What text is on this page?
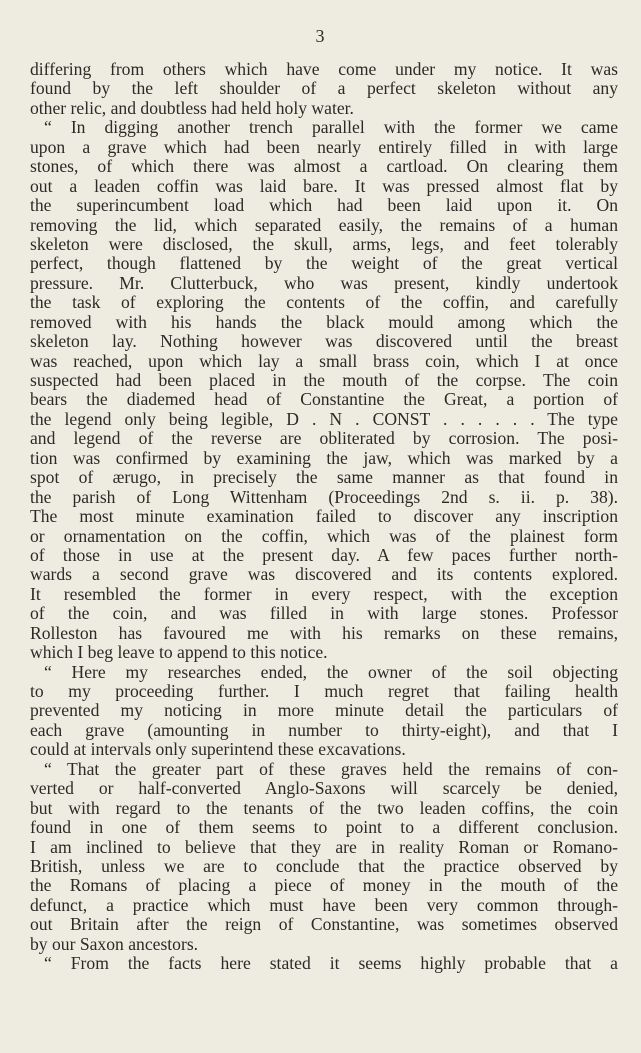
3
differing from others which have come under my notice. It was
found by the left shoulder of a perfect skeleton without any
other relic, and doubtless had held holy water.
“ In digging another trench parallel with the former we came
upon a grave which had been nearly entirely filled in with large
stones, of which there was almost a cartload. On clearing them
out a leaden coffin was laid bare. It was pressed almost flat by
the superincumbent load which had been laid upon it. On
removing the lid, which separated easily, the remains of a human
skeleton were disclosed, the skull, arms, legs, and feet tolerably
perfect, though flattened by the weight of the great vertical
pressure. Mr. Clutterbuck, who was present, kindly undertook
the task of exploring the contents of the coffin, and carefully
removed with his hands the black mould among which the
skeleton lay. Nothing however was discovered until the breast
was reached, upon which lay a small brass coin, which I at once
suspected had been placed in the mouth of the corpse. The coin
bears the diademed head of Constantine the Great, a portion of
the legend only being legible, D . N . CONST . . . . . . The type
and legend of the reverse are obliterated by corrosion. The posi-
tion was confirmed by examining the jaw, which was marked by a
spot of ærugo, in precisely the same manner as that found in
the parish of Long Wittenham (Proceedings 2nd s. ii. p. 38).
The most minute examination failed to discover any inscription
or ornamentation on the coffin, which was of the plainest form
of those in use at the present day. A few paces further north-
wards a second grave was discovered and its contents explored.
It resembled the former in every respect, with the exception
of the coin, and was filled in with large stones. Professor
Rolleston has favoured me with his remarks on these remains,
which I beg leave to append to this notice.
“ Here my researches ended, the owner of the soil objecting
to my proceeding further. I much regret that failing health
prevented my noticing in more minute detail the particulars of
each grave (amounting in number to thirty-eight), and that I
could at intervals only superintend these excavations.
“ That the greater part of these graves held the remains of con-
verted or half-converted Anglo-Saxons will scarcely be denied,
but with regard to the tenants of the two leaden coffins, the coin
found in one of them seems to point to a different conclusion.
I am inclined to believe that they are in reality Roman or Romano-
British, unless we are to conclude that the practice observed by
the Romans of placing a piece of money in the mouth of the
defunct, a practice which must have been very common through-
out Britain after the reign of Constantine, was sometimes observed
by our Saxon ancestors.
“ From the facts here stated it seems highly probable that a
